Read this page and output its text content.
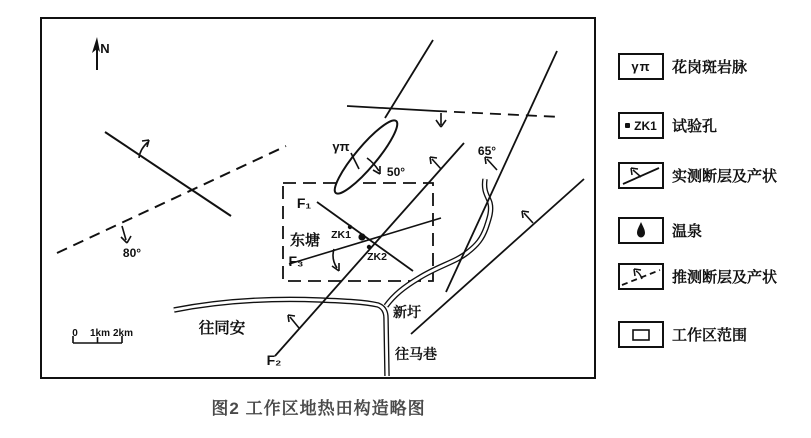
N
0 1km 2km
γπ
50°
65°
80°
F₁
F₂
F₃
东塘 ZK1
ZK2
新圩
往同安
往马巷
γπ 花岗斑岩脉
ZK1 试验孔
实测断层及产状
温泉
推测断层及产状
工作区范围
图2 工作区地热田构造略图
